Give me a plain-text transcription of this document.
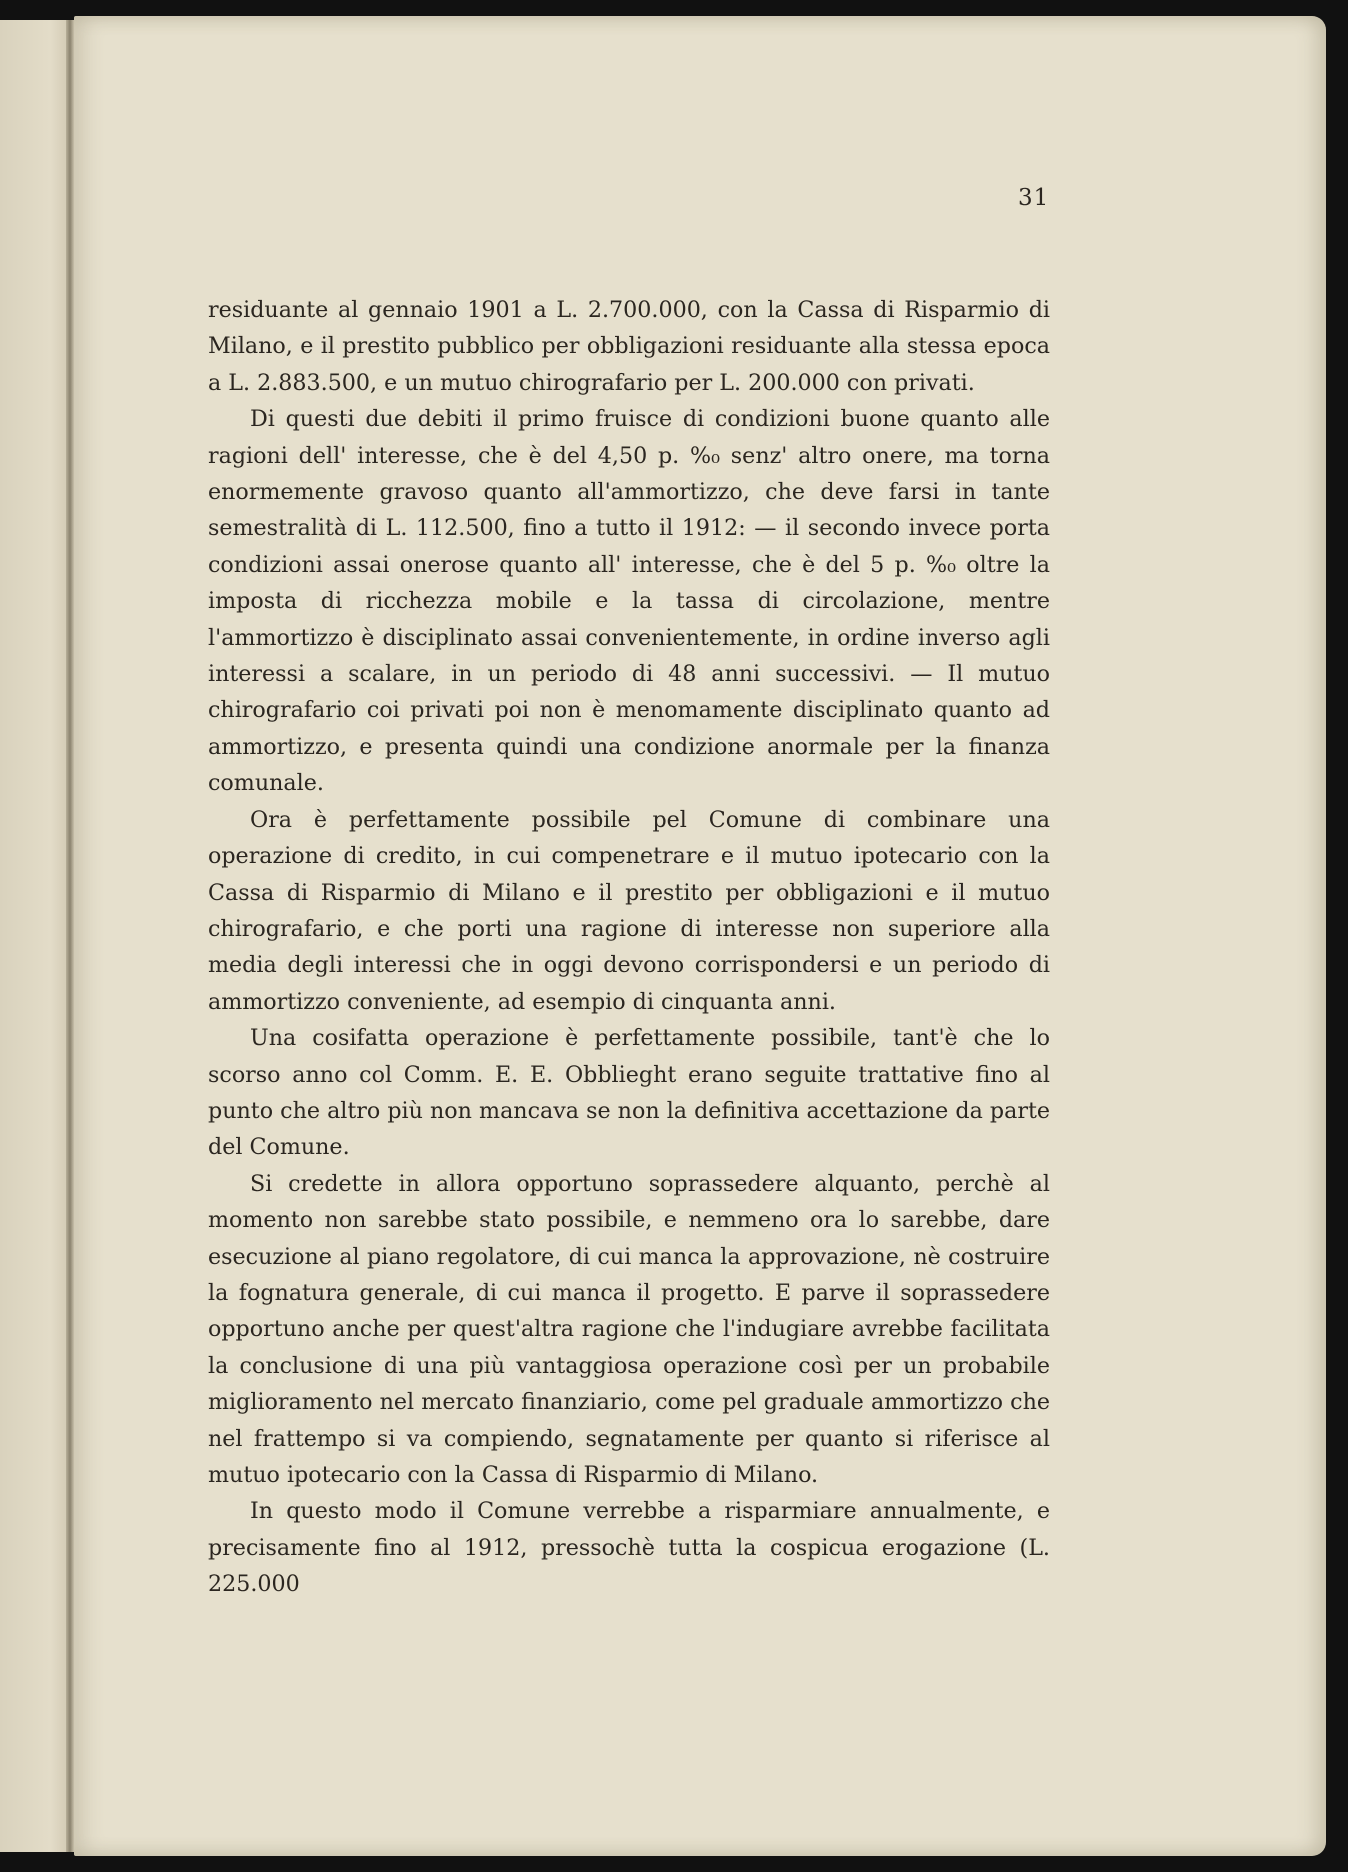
31

residuante al gennaio 1901 a L. 2.700.000, con la Cassa di Risparmio di Milano, e il prestito pubblico per obbligazioni residuante alla stessa epoca a L. 2.883.500, e un mutuo chirografario per L. 200.000 con privati.

Di questi due debiti il primo fruisce di condizioni buone quanto alle ragioni dell' interesse, che è del 4,50 p. %₀ senz' altro onere, ma torna enormemente gravoso quanto all'ammortizzo, che deve farsi in tante semestralità di L. 112.500, fino a tutto il 1912: — il secondo invece porta condizioni assai onerose quanto all' interesse, che è del 5 p. %₀ oltre la imposta di ricchezza mobile e la tassa di circolazione, mentre l'ammortizzo è disciplinato assai convenientemente, in ordine inverso agli interessi a scalare, in un periodo di 48 anni successivi. — Il mutuo chirografario coi privati poi non è menomamente disciplinato quanto ad ammortizzo, e presenta quindi una condizione anormale per la finanza comunale.

Ora è perfettamente possibile pel Comune di combinare una operazione di credito, in cui compenetrare e il mutuo ipotecario con la Cassa di Risparmio di Milano e il prestito per obbligazioni e il mutuo chirografario, e che porti una ragione di interesse non superiore alla media degli interessi che in oggi devono corrispondersi e un periodo di ammortizzo conveniente, ad esempio di cinquanta anni.

Una cosifatta operazione è perfettamente possibile, tant'è che lo scorso anno col Comm. E. E. Obblieght erano seguite trattative fino al punto che altro più non mancava se non la definitiva accettazione da parte del Comune.

Si credette in allora opportuno soprassedere alquanto, perchè al momento non sarebbe stato possibile, e nemmeno ora lo sarebbe, dare esecuzione al piano regolatore, di cui manca la approvazione, nè costruire la fognatura generale, di cui manca il progetto. E parve il soprassedere opportuno anche per quest'altra ragione che l'indugiare avrebbe facilitata la conclusione di una più vantaggiosa operazione così per un probabile miglioramento nel mercato finanziario, come pel graduale ammortizzo che nel frattempo si va compiendo, segnatamente per quanto si riferisce al mutuo ipotecario con la Cassa di Risparmio di Milano.

In questo modo il Comune verrebbe a risparmiare annualmente, e precisamente fino al 1912, pressochè tutta la cospicua erogazione (L. 225.000
